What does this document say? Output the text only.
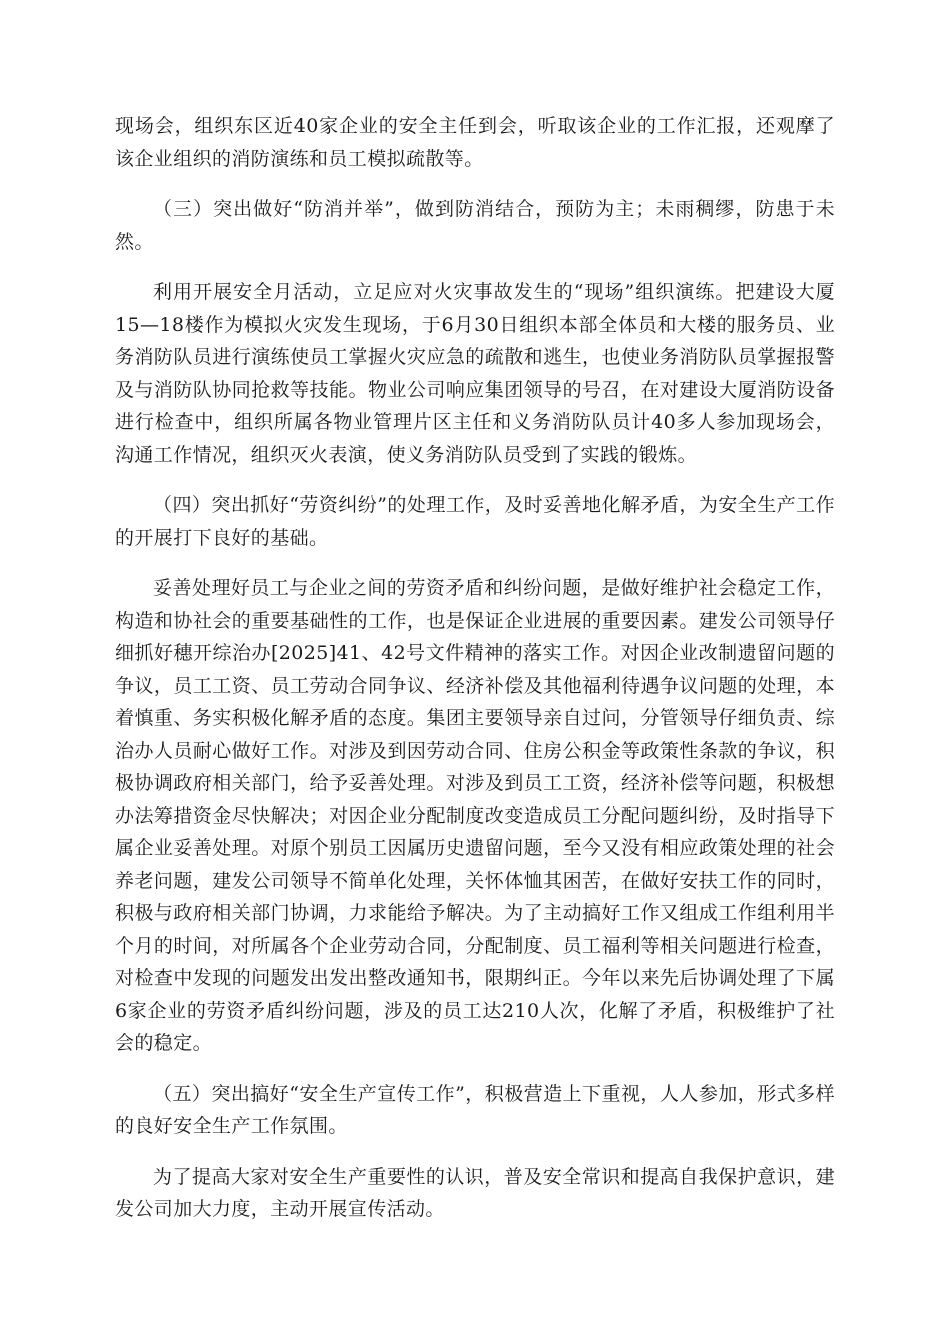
现场会，组织东区近40家企业的安全主任到会，听取该企业的工作汇报，还观摩了该企业组织的消防演练和员工模拟疏散等。

（三）突出做好“防消并举”，做到防消结合，预防为主；未雨稠缪，防患于未然。

利用开展安全月活动，立足应对火灾事故发生的“现场”组织演练。把建设大厦15—18楼作为模拟火灾发生现场，于6月30日组织本部全体员和大楼的服务员、业务消防队员进行演练使员工掌握火灾应急的疏散和逃生，也使业务消防队员掌握报警及与消防队协同抢救等技能。物业公司响应集团领导的号召，在对建设大厦消防设备进行检查中，组织所属各物业管理片区主任和义务消防队员计40多人参加现场会，沟通工作情况，组织灭火表演，使义务消防队员受到了实践的锻炼。

（四）突出抓好“劳资纠纷”的处理工作，及时妥善地化解矛盾，为安全生产工作的开展打下良好的基础。

妥善处理好员工与企业之间的劳资矛盾和纠纷问题，是做好维护社会稳定工作，构造和协社会的重要基础性的工作，也是保证企业进展的重要因素。建发公司领导仔细抓好穗开综治办[2025]41、42号文件精神的落实工作。对因企业改制遗留问题的争议，员工工资、员工劳动合同争议、经济补偿及其他福利待遇争议问题的处理，本着慎重、务实积极化解矛盾的态度。集团主要领导亲自过问，分管领导仔细负责、综治办人员耐心做好工作。对涉及到因劳动合同、住房公积金等政策性条款的争议，积极协调政府相关部门，给予妥善处理。对涉及到员工工资，经济补偿等问题，积极想办法筹措资金尽快解决；对因企业分配制度改变造成员工分配问题纠纷，及时指导下属企业妥善处理。对原个别员工因属历史遗留问题，至今又没有相应政策处理的社会养老问题，建发公司领导不简单化处理，关怀体恤其困苦，在做好安扶工作的同时，积极与政府相关部门协调，力求能给予解决。为了主动搞好工作又组成工作组利用半个月的时间，对所属各个企业劳动合同，分配制度、员工福利等相关问题进行检查，对检查中发现的问题发出发出整改通知书，限期纠正。今年以来先后协调处理了下属6家企业的劳资矛盾纠纷问题，涉及的员工达210人次，化解了矛盾，积极维护了社会的稳定。

（五）突出搞好“安全生产宣传工作”，积极营造上下重视，人人参加，形式多样的良好安全生产工作氛围。

为了提高大家对安全生产重要性的认识，普及安全常识和提高自我保护意识，建发公司加大力度，主动开展宣传活动。
